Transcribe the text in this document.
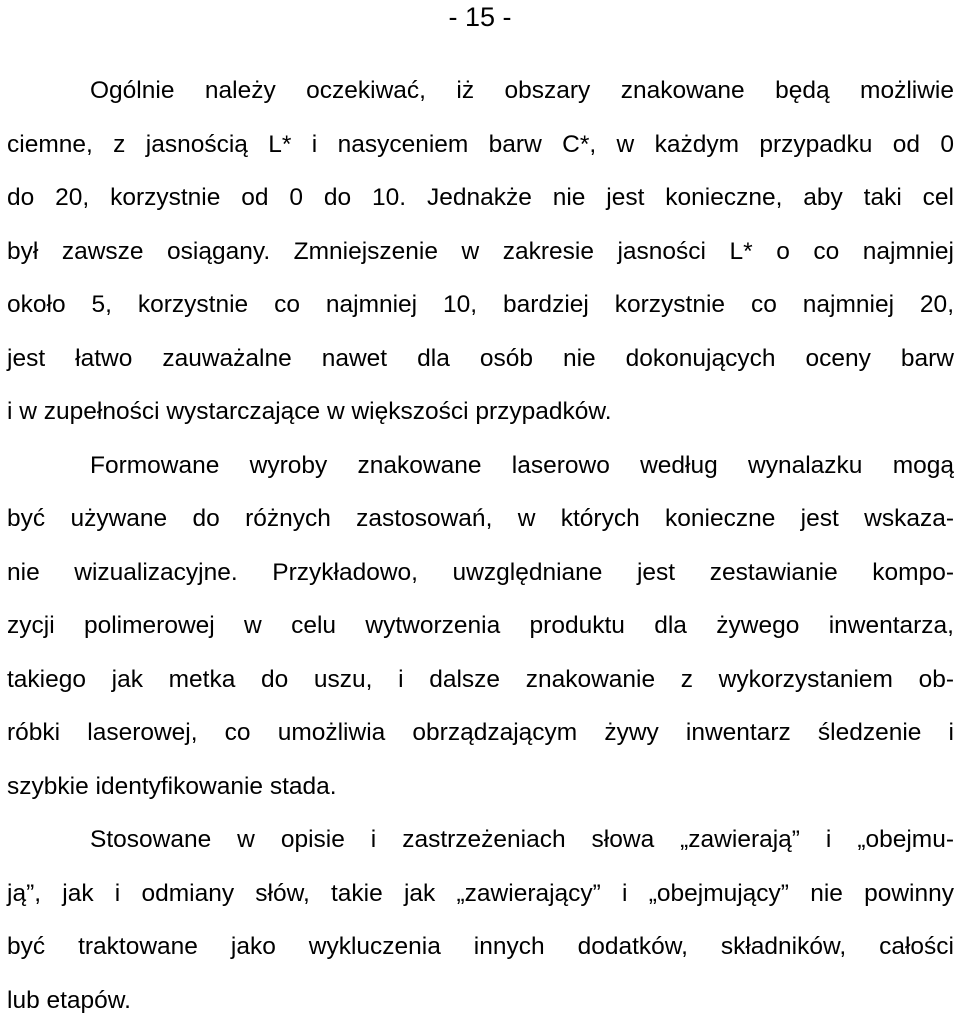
- 15 -
Ogólnie należy oczekiwać, iż obszary znakowane będą możliwie
ciemne, z jasnością L* i nasyceniem barw C*, w każdym przypadku od 0
do 20, korzystnie od 0 do 10. Jednakże nie jest konieczne, aby taki cel
był zawsze osiągany. Zmniejszenie w zakresie jasności L* o co najmniej
około 5, korzystnie co najmniej 10, bardziej korzystnie co najmniej 20,
jest łatwo zauważalne nawet dla osób nie dokonujących oceny barw
i w zupełności wystarczające w większości przypadków.
Formowane wyroby znakowane laserowo według wynalazku mogą
być używane do różnych zastosowań, w których konieczne jest wskaza-
nie wizualizacyjne. Przykładowo, uwzględniane jest zestawianie kompo-
zycji polimerowej w celu wytworzenia produktu dla żywego inwentarza,
takiego jak metka do uszu, i dalsze znakowanie z wykorzystaniem ob-
róbki laserowej, co umożliwia obrządzającym żywy inwentarz śledzenie i
szybkie identyfikowanie stada.
Stosowane w opisie i zastrzeżeniach słowa „zawierają” i „obejmu-
ją”, jak i odmiany słów, takie jak „zawierający” i „obejmujący” nie powinny
być traktowane jako wykluczenia innych dodatków, składników, całości
lub etapów.
